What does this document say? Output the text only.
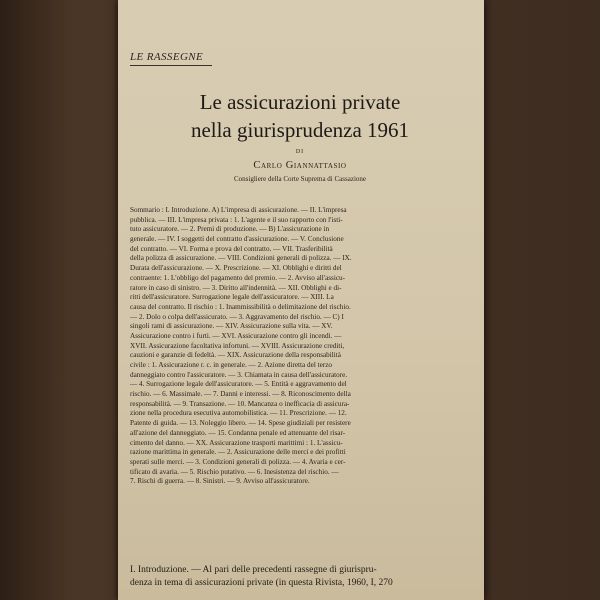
LE RASSEGNE
Le assicurazioni private
nella giurisprudenza 1961
DI
Carlo Giannattasio
Consigliere della Corte Suprema di Cassazione
Sommario : I. Introduzione. A) L'impresa di assicurazione. — II. L'impresa
pubblica. — III. L'impresa privata : 1. L'agente e il suo rapporto con l'isti-
tuto assicuratore. — 2. Premi di produzione. — B) L'assicurazione in
generale. — IV. I soggetti del contratto d'assicurazione. — V. Conclusione
del contratto. — VI. Forma e prova del contratto. — VII. Trasferibilità
della polizza di assicurazione. — VIII. Condizioni generali di polizza. — IX.
Durata dell'assicurazione. — X. Prescrizione. — XI. Obblighi e diritti del
contraente: 1. L'obbligo del pagamento del premio. — 2. Avviso all'assicu-
ratore in caso di sinistro. — 3. Diritto all'indennità. — XII. Obblighi e di-
ritti dell'assicuratore. Surrogazione legale dell'assicuratore. — XIII. La
causa del contratto. Il rischio : 1. Inammissibilità o delimitazione del rischio.
— 2. Dolo o colpa dell'assicurato. — 3. Aggravamento del rischio. — C) I
singoli rami di assicurazione. — XIV. Assicurazione sulla vita. — XV.
Assicurazione contro i furti. — XVI. Assicurazione contro gli incendi. —
XVII. Assicurazione facoltativa infortuni. — XVIII. Assicurazione crediti,
cauzioni e garanzie di fedeltà. — XIX. Assicurazione della responsabilità
civile : 1. Assicurazione r. c. in generale. — 2. Azione diretta del terzo
danneggiato contro l'assicuratore. — 3. Chiamata in causa dell'assicuratore.
— 4. Surrogazione legale dell'assicuratore. — 5. Entità e aggravamento del
rischio. — 6. Massimale. — 7. Danni e interessi. — 8. Riconoscimento della
responsabilità. — 9. Transazione. — 10. Mancanza o inefficacia di assicura-
zione nella procedura esecutiva automobilistica. — 11. Prescrizione. — 12.
Patente di guida. — 13. Noleggio libero. — 14. Spese giudiziali per resistere
all'azione del danneggiato. — 15. Condanna penale ed attenuante del risar-
cimento del danno. — XX. Assicurazione trasporti marittimi : 1. L'assicu-
razione marittima in generale. — 2. Assicurazione delle merci e dei profitti
sperati sulle merci. — 3. Condizioni generali di polizza. — 4. Avaria e cer-
tificato di avaria. — 5. Rischio putativo. — 6. Inesistenza del rischio. —
7. Rischi di guerra. — 8. Sinistri. — 9. Avviso all'assicuratore.
I. Introduzione. — Al pari delle precedenti rassegne di giurispru-
denza in tema di assicurazioni private (in questa Rivista, 1960, I, 270
